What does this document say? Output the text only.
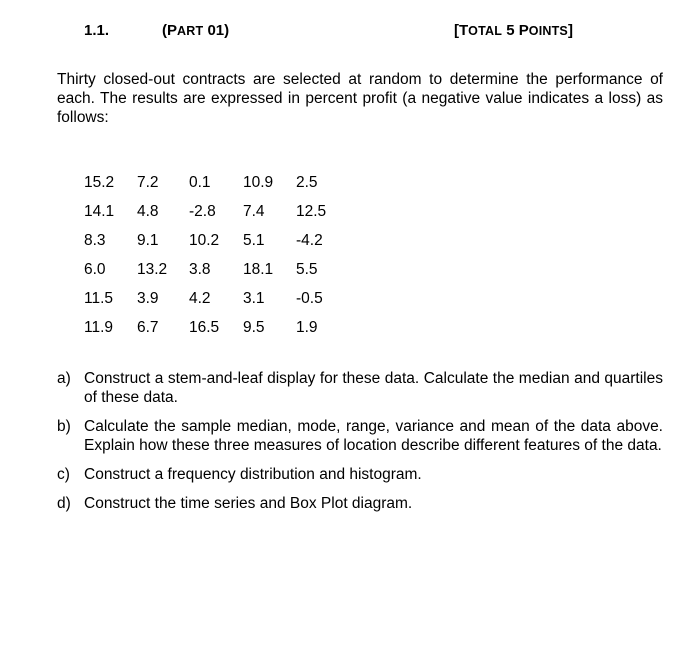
1.1.	(PART 01)	[TOTAL 5 POINTS]

Thirty closed-out contracts are selected at random to determine the performance of each. The results are expressed in percent profit (a negative value indicates a loss) as follows:

15.2	7.2	0.1	10.9	2.5
14.1	4.8	-2.8	7.4	12.5
8.3	9.1	10.2	5.1	-4.2
6.0	13.2	3.8	18.1	5.5
11.5	3.9	4.2	3.1	-0.5
11.9	6.7	16.5	9.5	1.9
a) Construct a stem-and-leaf display for these data. Calculate the median and quartiles of these data.
b) Calculate the sample median, mode, range, variance and mean of the data above. Explain how these three measures of location describe different features of the data.
c) Construct a frequency distribution and histogram.
d) Construct the time series and Box Plot diagram.
